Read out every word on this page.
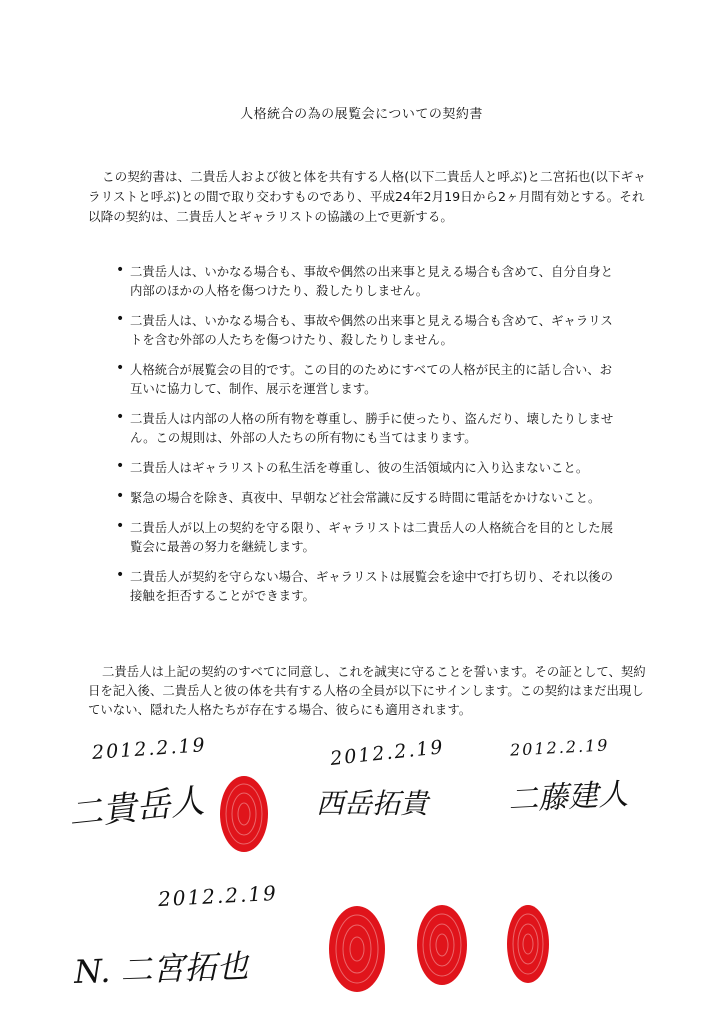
人格統合の為の展覧会についての契約書

この契約書は、二貴岳人および彼と体を共有する人格(以下二貴岳人と呼ぶ)と二宮拓也(以下ギャラリストと呼ぶ)との間で取り交わすものであり、平成24年2月19日から2ヶ月間有効とする。それ以降の契約は、二貴岳人とギャラリストの協議の上で更新する。

• 二貴岳人は、いかなる場合も、事故や偶然の出来事と見える場合も含めて、自分自身と内部のほかの人格を傷つけたり、殺したりしません。
• 二貴岳人は、いかなる場合も、事故や偶然の出来事と見える場合も含めて、ギャラリストを含む外部の人たちを傷つけたり、殺したりしません。
• 人格統合が展覧会の目的です。この目的のためにすべての人格が民主的に話し合い、お互いに協力して、制作、展示を運営します。
• 二貴岳人は内部の人格の所有物を尊重し、勝手に使ったり、盗んだり、壊したりしません。この規則は、外部の人たちの所有物にも当てはまります。
• 二貴岳人はギャラリストの私生活を尊重し、彼の生活領域内に入り込まないこと。
• 緊急の場合を除き、真夜中、早朝など社会常識に反する時間に電話をかけないこと。
• 二貴岳人が以上の契約を守る限り、ギャラリストは二貴岳人の人格統合を目的とした展覧会に最善の努力を継続します。
• 二貴岳人が契約を守らない場合、ギャラリストは展覧会を途中で打ち切り、それ以後の接触を拒否することができます。

二貴岳人は上記の契約のすべてに同意し、これを誠実に守ることを誓います。その証として、契約日を記入後、二貴岳人と彼の体を共有する人格の全員が以下にサインします。この契約はまだ出現していない、隠れた人格たちが存在する場合、彼らにも適用されます。

2012.2.19
二貴岳人
2012.2.19
西岳拓貴
2012.2.19
二藤建人
2012.2.19
N. 二宮拓也
